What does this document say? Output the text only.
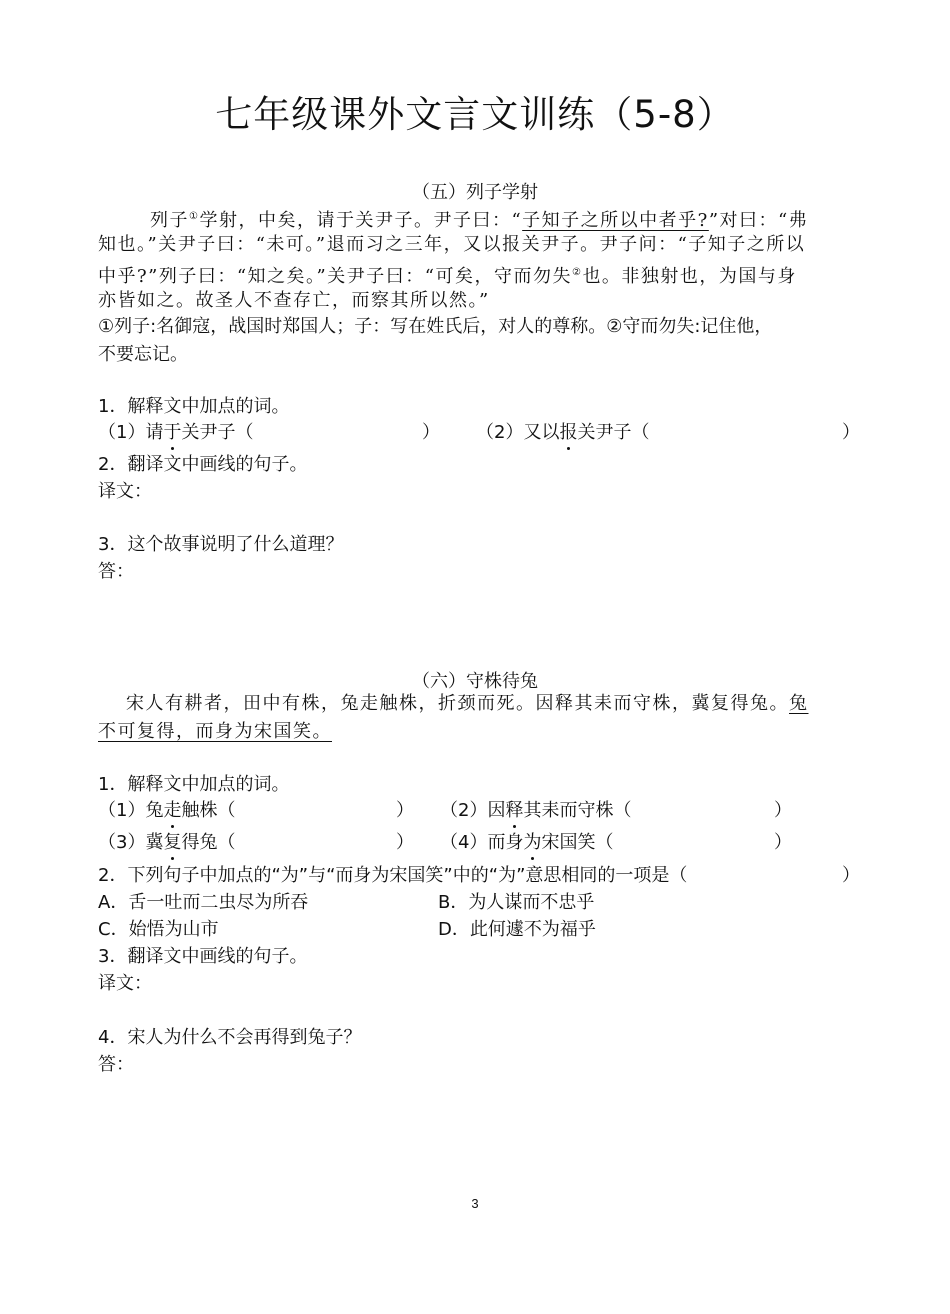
七年级课外文言文训练（5-8）
（五）列子学射
列子①学射，中矣，请于关尹子。尹子曰：“子知子之所以中者乎?”对曰：“弗
知也。”关尹子曰：“未可。”退而习之三年，又以报关尹子。尹子问：“子知子之所以
中乎?”列子曰：“知之矣。”关尹子曰：“可矣，守而勿失②也。非独射也，为国与身
亦皆如之。故圣人不查存亡，而察其所以然。”
①列子:名御寇，战国时郑国人；子：写在姓氏后，对人的尊称。②守而勿失:记住他，
不要忘记。
1．解释文中加点的词。
（1）请于关尹子（	） （2）又以报关尹子（	）
2．翻译文中画线的句子。
译文：
3．这个故事说明了什么道理？
答：
（六）守株待兔
宋人有耕者，田中有株，兔走触株，折颈而死。因释其耒而守株，冀复得兔。兔
不可复得，而身为宋国笑。
1．解释文中加点的词。
（1）兔走触株（	） （2）因释其耒而守株（	）
（3）冀复得兔（	） （4）而身为宋国笑（	）
2．下列句子中加点的“为”与“而身为宋国笑”中的“为”意思相同的一项是（	）
A．舌一吐而二虫尽为所吞	B．为人谋而不忠乎
C．始悟为山市	D．此何遽不为福乎
3．翻译文中画线的句子。
译文：
4．宋人为什么不会再得到兔子？
答：
3
